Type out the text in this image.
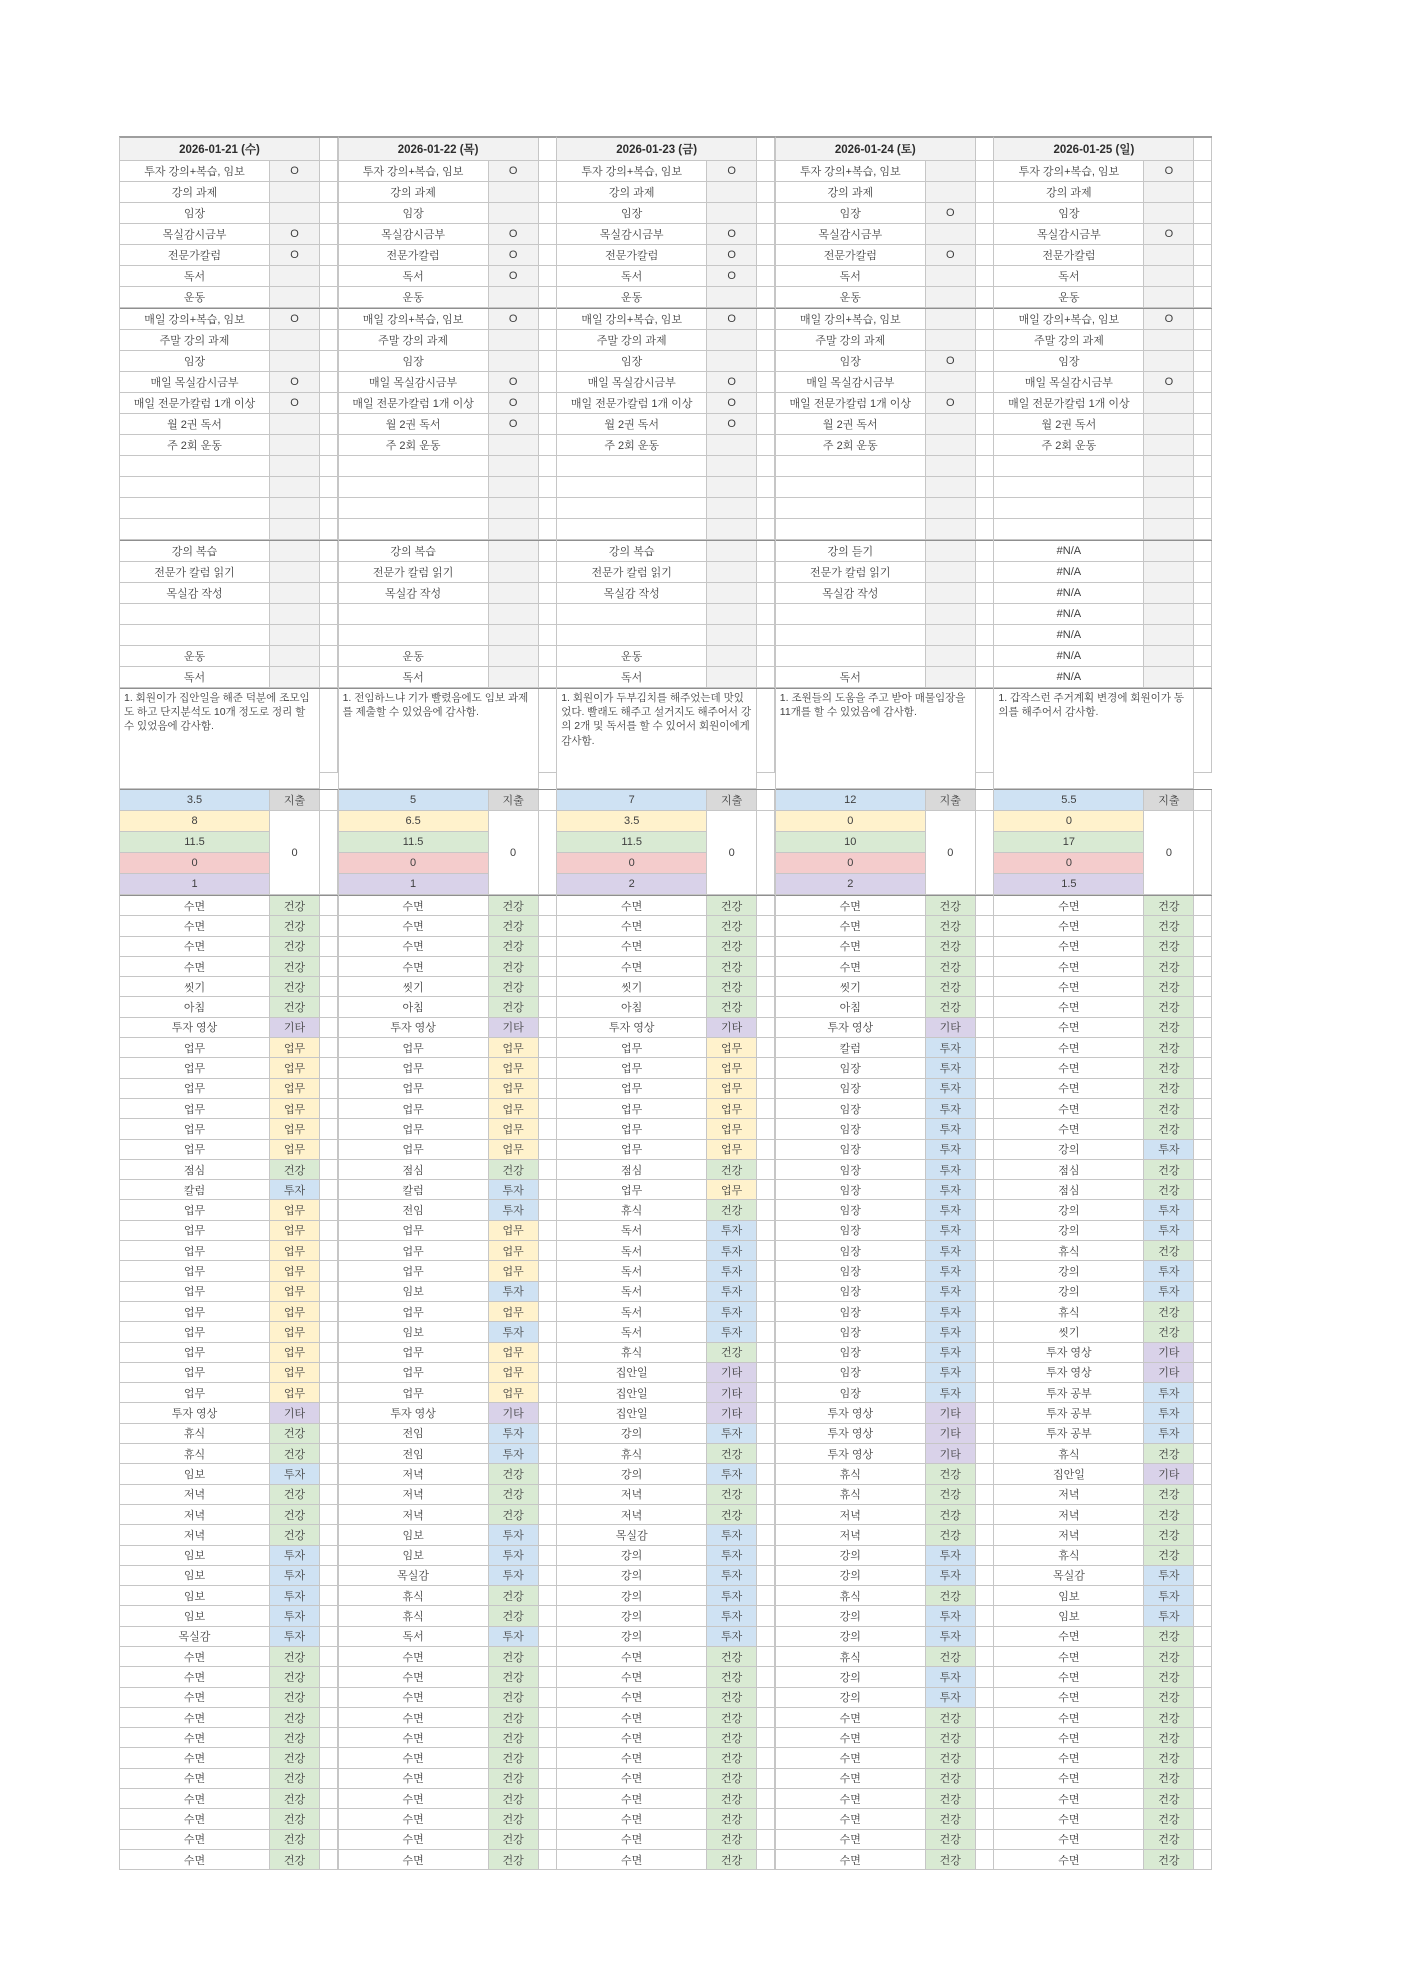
2026-01-21 (수)
투자 강의+복습, 임보	O
강의 과제
임장
목실감시금부	O
전문가칼럼	O
독서
운동
매일 강의+복습, 임보	O
주말 강의 과제
임장
매일 목실감시금부	O
매일 전문가칼럼 1개 이상	O
월 2권 독서
주 2회 운동
강의 복습
전문가 칼럼 읽기
목실감 작성
운동
독서
1. 회원이가 집안일을 해준 덕분에 조모임도 하고 단지분석도 10개 정도로 정리 할 수 있었음에 감사함.
3.5	지출
8
11.5
0
1
0
수면	건강
수면	건강
수면	건강
수면	건강
씻기	건강
아침	건강
투자 영상	기타
업무	업무
업무	업무
업무	업무
업무	업무
업무	업무
업무	업무
점심	건강
칼럼	투자
업무	업무
업무	업무
업무	업무
업무	업무
업무	업무
업무	업무
업무	업무
업무	업무
업무	업무
업무	업무
투자 영상	기타
휴식	건강
휴식	건강
임보	투자
저녁	건강
저녁	건강
저녁	건강
임보	투자
임보	투자
임보	투자
임보	투자
목실감	투자
수면	건강
수면	건강
수면	건강
수면	건강
수면	건강
수면	건강
수면	건강
수면	건강
수면	건강
수면	건강
수면	건강
2026-01-22 (목)
투자 강의+복습, 임보	O
강의 과제
임장
목실감시금부	O
전문가칼럼	O
독서	O
운동
매일 강의+복습, 임보	O
주말 강의 과제
임장
매일 목실감시금부	O
매일 전문가칼럼 1개 이상	O
월 2권 독서	O
주 2회 운동
강의 복습
전문가 칼럼 읽기
목실감 작성
운동
독서
1. 전임하느냐 기가 빨렸음에도 임보 과제를 제출할 수 있었음에 감사함.
5	지출
6.5
11.5
0
1
0
수면	건강
수면	건강
수면	건강
수면	건강
씻기	건강
아침	건강
투자 영상	기타
업무	업무
업무	업무
업무	업무
업무	업무
업무	업무
업무	업무
점심	건강
칼럼	투자
전임	투자
업무	업무
업무	업무
업무	업무
임보	투자
업무	업무
임보	투자
업무	업무
업무	업무
업무	업무
투자 영상	기타
전임	투자
전임	투자
저녁	건강
저녁	건강
저녁	건강
임보	투자
임보	투자
목실감	투자
휴식	건강
휴식	건강
독서	투자
수면	건강
수면	건강
수면	건강
수면	건강
수면	건강
수면	건강
수면	건강
수면	건강
수면	건강
수면	건강
수면	건강
2026-01-23 (금)
투자 강의+복습, 임보	O
강의 과제
임장
목실감시금부	O
전문가칼럼	O
독서	O
운동
매일 강의+복습, 임보	O
주말 강의 과제
임장
매일 목실감시금부	O
매일 전문가칼럼 1개 이상	O
월 2권 독서	O
주 2회 운동
강의 복습
전문가 칼럼 읽기
목실감 작성
운동
독서
1. 회원이가 두부김치를 해주었는데 맛있었다. 빨래도 해주고 설거지도 해주어서 강의 2개 및 독서를 할 수 있어서 회원이에게 감사함.
7	지출
3.5
11.5
0
2
0
수면	건강
수면	건강
수면	건강
수면	건강
씻기	건강
아침	건강
투자 영상	기타
업무	업무
업무	업무
업무	업무
업무	업무
업무	업무
업무	업무
점심	건강
업무	업무
휴식	건강
독서	투자
독서	투자
독서	투자
독서	투자
독서	투자
독서	투자
휴식	건강
집안일	기타
집안일	기타
집안일	기타
강의	투자
휴식	건강
강의	투자
저녁	건강
저녁	건강
목실감	투자
강의	투자
강의	투자
강의	투자
강의	투자
강의	투자
수면	건강
수면	건강
수면	건강
수면	건강
수면	건강
수면	건강
수면	건강
수면	건강
수면	건강
수면	건강
수면	건강
2026-01-24 (토)
투자 강의+복습, 임보
강의 과제
임장	O
목실감시금부
전문가칼럼	O
독서
운동
매일 강의+복습, 임보
주말 강의 과제
임장	O
매일 목실감시금부
매일 전문가칼럼 1개 이상	O
월 2권 독서
주 2회 운동
강의 듣기
전문가 칼럼 읽기
목실감 작성
독서
1. 조원들의 도움을 주고 받아 매물임장을 11개를 할 수 있었음에 감사함.
12	지출
0
10
0
2
0
수면	건강
수면	건강
수면	건강
수면	건강
씻기	건강
아침	건강
투자 영상	기타
칼럼	투자
임장	투자
임장	투자
임장	투자
임장	투자
임장	투자
임장	투자
임장	투자
임장	투자
임장	투자
임장	투자
임장	투자
임장	투자
임장	투자
임장	투자
임장	투자
임장	투자
임장	투자
투자 영상	기타
투자 영상	기타
투자 영상	기타
휴식	건강
휴식	건강
저녁	건강
저녁	건강
강의	투자
강의	투자
휴식	건강
강의	투자
강의	투자
휴식	건강
강의	투자
강의	투자
수면	건강
수면	건강
수면	건강
수면	건강
수면	건강
수면	건강
수면	건강
수면	건강
2026-01-25 (일)
투자 강의+복습, 임보	O
강의 과제
임장
목실감시금부	O
전문가칼럼
독서
운동
매일 강의+복습, 임보	O
주말 강의 과제
임장
매일 목실감시금부	O
매일 전문가칼럼 1개 이상
월 2권 독서
주 2회 운동
#N/A
#N/A
#N/A
#N/A
#N/A
#N/A
#N/A
1. 갑작스런 주거계획 변경에 회원이가 동의를 해주어서 감사함.
5.5	지출
0
17
0
1.5
0
수면	건강
수면	건강
수면	건강
수면	건강
수면	건강
수면	건강
수면	건강
수면	건강
수면	건강
수면	건강
수면	건강
수면	건강
강의	투자
점심	건강
점심	건강
강의	투자
강의	투자
휴식	건강
강의	투자
강의	투자
휴식	건강
씻기	건강
투자 영상	기타
투자 영상	기타
투자 공부	투자
투자 공부	투자
투자 공부	투자
휴식	건강
집안일	기타
저녁	건강
저녁	건강
저녁	건강
휴식	건강
목실감	투자
임보	투자
임보	투자
수면	건강
수면	건강
수면	건강
수면	건강
수면	건강
수면	건강
수면	건강
수면	건강
수면	건강
수면	건강
수면	건강
수면	건강
